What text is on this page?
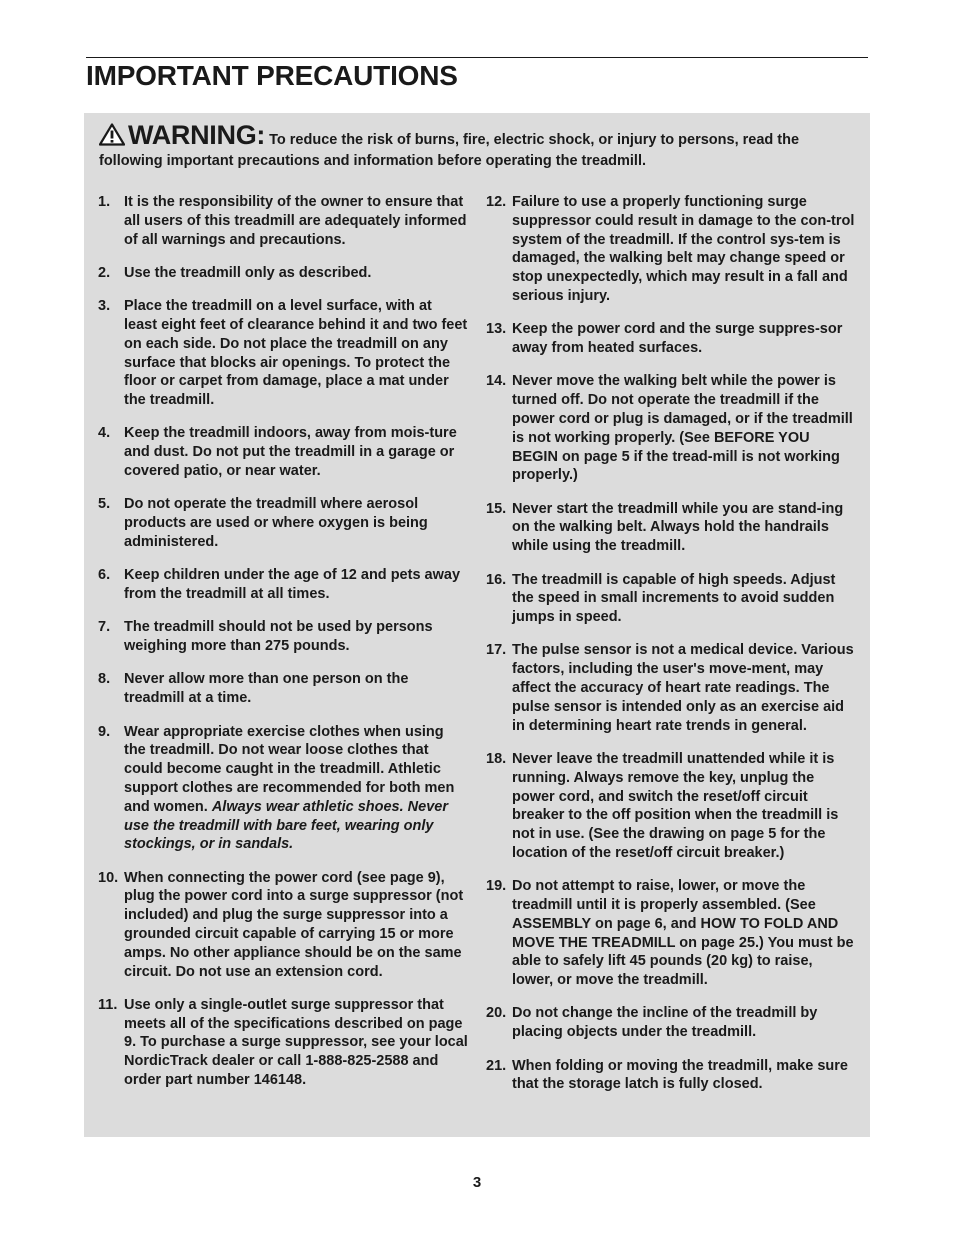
IMPORTANT PRECAUTIONS
WARNING: To reduce the risk of burns, fire, electric shock, or injury to persons, read the following important precautions and information before operating the treadmill.
1. It is the responsibility of the owner to ensure that all users of this treadmill are adequately informed of all warnings and precautions.
2. Use the treadmill only as described.
3. Place the treadmill on a level surface, with at least eight feet of clearance behind it and two feet on each side. Do not place the treadmill on any surface that blocks air openings. To protect the floor or carpet from damage, place a mat under the treadmill.
4. Keep the treadmill indoors, away from mois-ture and dust. Do not put the treadmill in a garage or covered patio, or near water.
5. Do not operate the treadmill where aerosol products are used or where oxygen is being administered.
6. Keep children under the age of 12 and pets away from the treadmill at all times.
7. The treadmill should not be used by persons weighing more than 275 pounds.
8. Never allow more than one person on the treadmill at a time.
9. Wear appropriate exercise clothes when using the treadmill. Do not wear loose clothes that could become caught in the treadmill. Athletic support clothes are recommended for both men and women. Always wear athletic shoes. Never use the treadmill with bare feet, wearing only stockings, or in sandals.
10. When connecting the power cord (see page 9), plug the power cord into a surge suppressor (not included) and plug the surge suppressor into a grounded circuit capable of carrying 15 or more amps. No other appliance should be on the same circuit. Do not use an extension cord.
11. Use only a single-outlet surge suppressor that meets all of the specifications described on page 9. To purchase a surge suppressor, see your local NordicTrack dealer or call 1-888-825-2588 and order part number 146148.
12. Failure to use a properly functioning surge suppressor could result in damage to the con-trol system of the treadmill. If the control sys-tem is damaged, the walking belt may change speed or stop unexpectedly, which may result in a fall and serious injury.
13. Keep the power cord and the surge suppres-sor away from heated surfaces.
14. Never move the walking belt while the power is turned off. Do not operate the treadmill if the power cord or plug is damaged, or if the treadmill is not working properly. (See BEFORE YOU BEGIN on page 5 if the tread-mill is not working properly.)
15. Never start the treadmill while you are stand-ing on the walking belt. Always hold the handrails while using the treadmill.
16. The treadmill is capable of high speeds. Adjust the speed in small increments to avoid sudden jumps in speed.
17. The pulse sensor is not a medical device. Various factors, including the user's move-ment, may affect the accuracy of heart rate readings. The pulse sensor is intended only as an exercise aid in determining heart rate trends in general.
18. Never leave the treadmill unattended while it is running. Always remove the key, unplug the power cord, and switch the reset/off circuit breaker to the off position when the treadmill is not in use. (See the drawing on page 5 for the location of the reset/off circuit breaker.)
19. Do not attempt to raise, lower, or move the treadmill until it is properly assembled. (See ASSEMBLY on page 6, and HOW TO FOLD AND MOVE THE TREADMILL on page 25.) You must be able to safely lift 45 pounds (20 kg) to raise, lower, or move the treadmill.
20. Do not change the incline of the treadmill by placing objects under the treadmill.
21. When folding or moving the treadmill, make sure that the storage latch is fully closed.
3
